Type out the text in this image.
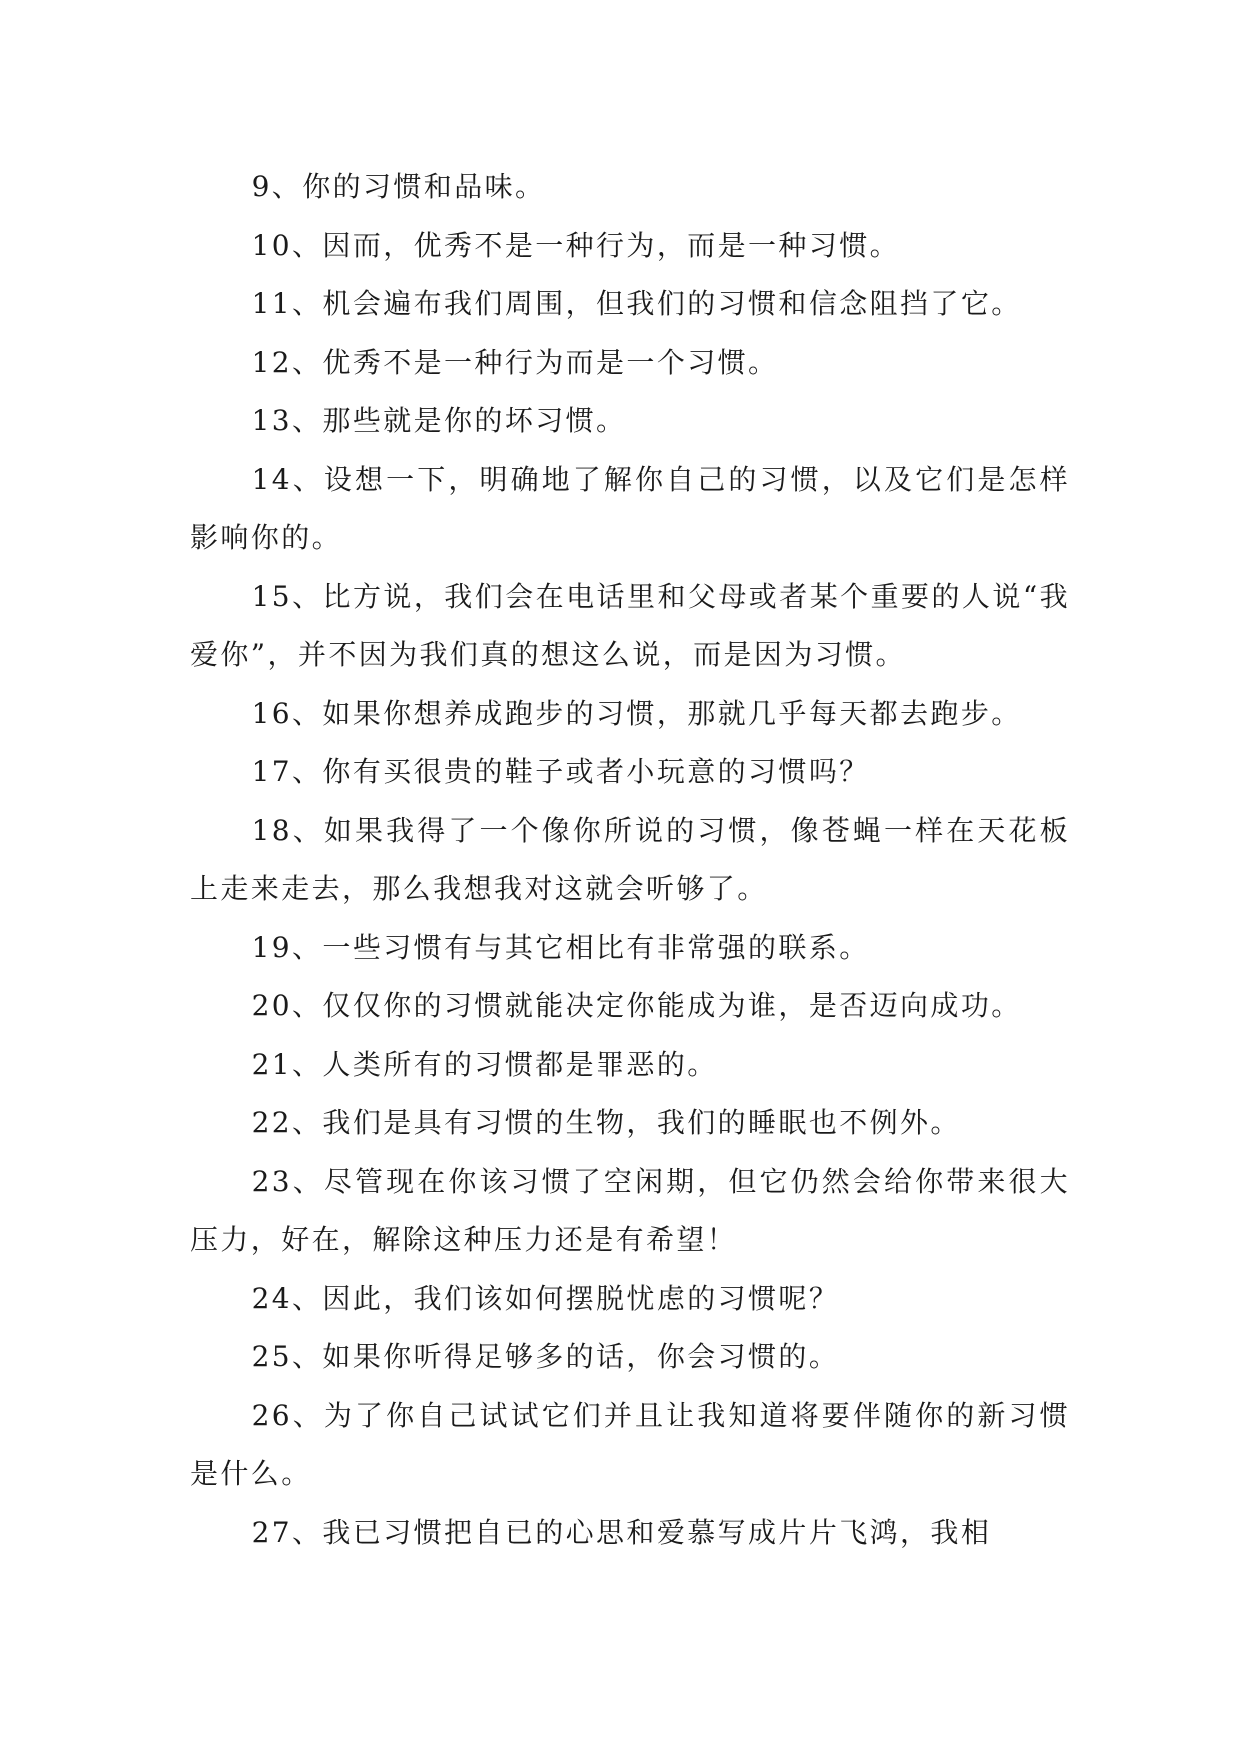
9、你的习惯和品味。

10、因而，优秀不是一种行为，而是一种习惯。

11、机会遍布我们周围，但我们的习惯和信念阻挡了它。

12、优秀不是一种行为而是一个习惯。

13、那些就是你的坏习惯。

14、设想一下，明确地了解你自己的习惯，以及它们是怎样影响你的。

15、比方说，我们会在电话里和父母或者某个重要的人说“我爱你”，并不因为我们真的想这么说，而是因为习惯。

16、如果你想养成跑步的习惯，那就几乎每天都去跑步。

17、你有买很贵的鞋子或者小玩意的习惯吗？

18、如果我得了一个像你所说的习惯，像苍蝇一样在天花板上走来走去，那么我想我对这就会听够了。

19、一些习惯有与其它相比有非常强的联系。

20、仅仅你的习惯就能决定你能成为谁，是否迈向成功。

21、人类所有的习惯都是罪恶的。

22、我们是具有习惯的生物，我们的睡眠也不例外。

23、尽管现在你该习惯了空闲期，但它仍然会给你带来很大压力，好在，解除这种压力还是有希望！

24、因此，我们该如何摆脱忧虑的习惯呢？

25、如果你听得足够多的话，你会习惯的。

26、为了你自己试试它们并且让我知道将要伴随你的新习惯是什么。

27、我已习惯把自已的心思和爱慕写成片片飞鸿，我相
